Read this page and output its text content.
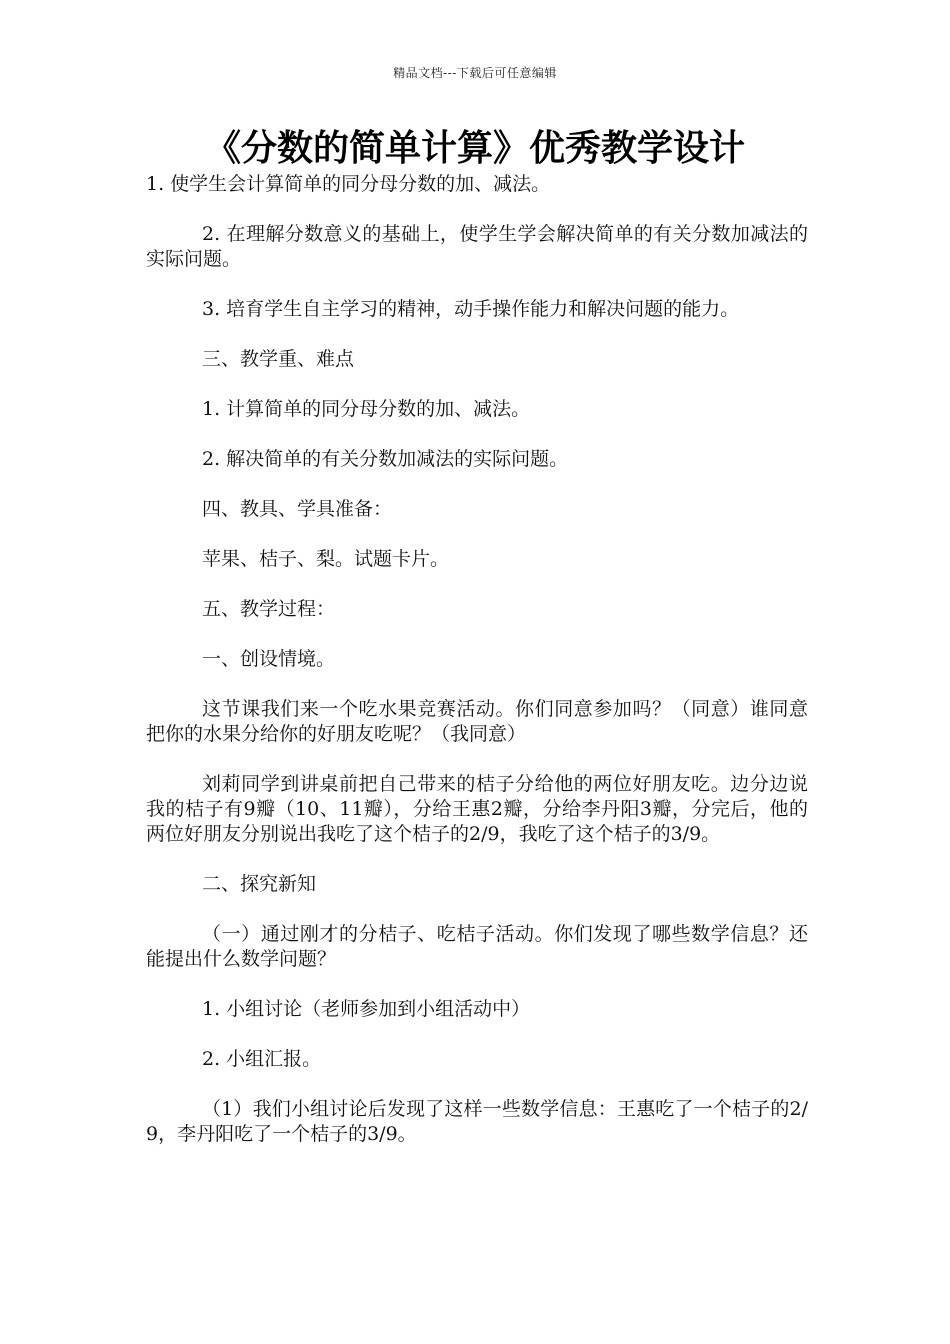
精品文档---下载后可任意编辑
《分数的简单计算》优秀教学设计

1. 使学生会计算简单的同分母分数的加、减法。

2. 在理解分数意义的基础上，使学生学会解决简单的有关分数加减法的实际问题。

3. 培育学生自主学习的精神，动手操作能力和解决问题的能力。

三、教学重、难点

1. 计算简单的同分母分数的加、减法。

2. 解决简单的有关分数加减法的实际问题。

四、教具、学具准备：

苹果、桔子、梨。试题卡片。

五、教学过程：

一、创设情境。

这节课我们来一个吃水果竞赛活动。你们同意参加吗？（同意）谁同意把你的水果分给你的好朋友吃呢？（我同意）

刘莉同学到讲桌前把自己带来的桔子分给他的两位好朋友吃。边分边说我的桔子有9瓣（10、11瓣），分给王惠2瓣，分给李丹阳3瓣，分完后，他的两位好朋友分别说出我吃了这个桔子的2/9，我吃了这个桔子的3/9。

二、探究新知

（一）通过刚才的分桔子、吃桔子活动。你们发现了哪些数学信息？还能提出什么数学问题？

1. 小组讨论（老师参加到小组活动中）

2. 小组汇报。

（1）我们小组讨论后发现了这样一些数学信息：王惠吃了一个桔子的2/9，李丹阳吃了一个桔子的3/9。
